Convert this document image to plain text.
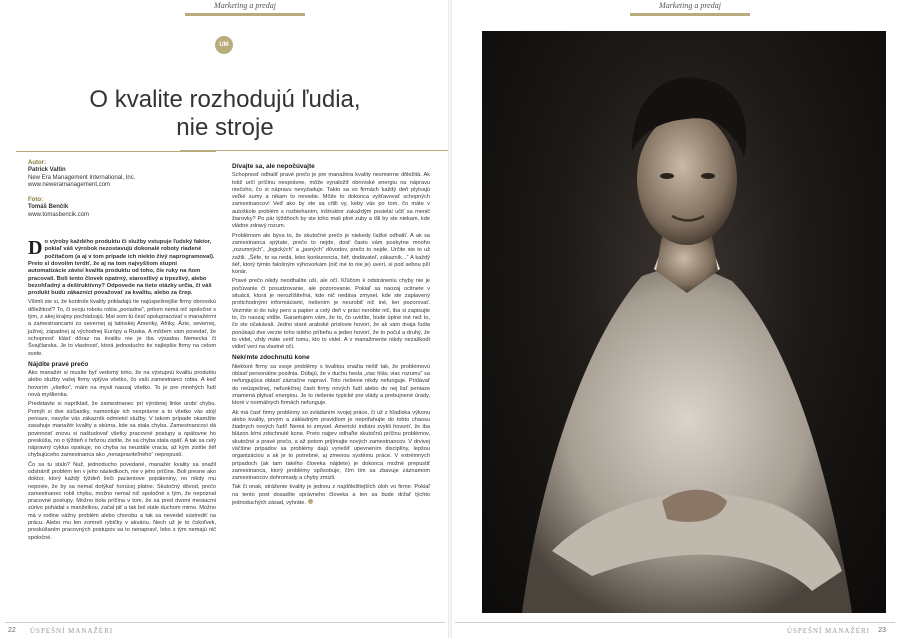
Marketing a predaj
UM
O kvalite rozhodujú ľudia,
nie stroje
Autor:
Patrick Valtin
New Era Management International, Inc.
www.neweramanagement.com
Foto:
Tomáš Benčík
www.tomasbencik.com

Do výroby každého produktu či služby vstupuje ľudský faktor, pokiaľ váš výrobok nezostavujú dokonalé roboty riadené počítačom (a aj v tom prípade ich niekto živý naprogramoval). Preto si dovolím tvrdiť, že aj na tom najvyššom stupni automatizácie závisí kvalita produktu od toho, čie ruky na ňom pracovali. Boli tento človek opatrný, starostlivý a trpezlivý, alebo bezohľadný a deštruktívny? Odpovede na tieto otázky určia, či váš produkt budú zákazníci považovať za kvalitu, alebo za črep.

Všimli ste si, že kontrole kvality prikladajú tie najúspešnejšie firmy obrovskú dôležitosť? To, či svoju robotu robia „poriadne“, pritom nemá nič spoločné s tým, z akej krajiny pochádzajú. Mal som tú česť spolupracovať s manažérmi a zamestnancami zo severnej aj latinskej Ameriky, Afriky, Ázie, severnej, južnej, západnej aj východnej Európy a Ruska. A môžem vám povedať, že schopnosť klásť dôraz na kvalitu nie je iba výsadou Nemecka či Švajčiarska. Je to vlastnosť, ktorá jednoducho tie najlepšie firmy na celom svete.

Nájdite pravé prečo

Ako manažér si musíte byť vedomý toho, že na výstupnú kvalitu produktu alebo služby vašej firmy vplýva všetko, čo vaši zamestnanci robia. A keď hovorím „všetko“, mám na mysli naozaj všetko. To je pre mnohých ľudí nová myšlienka.

Predstavte si napríklad, že zamestnanec pri výrobnej linke urobí chybu. Pomýli si dve súčiastky, namontuje ich nesprávne a to všetko vás stojí peniaze, navyše vás zákazník odmietol služby. V takom prípade okamžite zasahuje manažér kvality a skúma, kde sa stala chyba. Zamestnancovi dá povinnosť znovu si naštudovať všetky pracovné postupy a opätovne ho preskúša, no o týždeň s hrôzou zistíte, že sa chyba stala opäť. A tak sa celý nápravný cyklus opakuje, no chyba sa neustále vracia, až kým zistíte šéf chybujúceho zamestnanca ako „nenapraviteľného“ neprepustí.

Čo sa tu stalo? Nuž, jednoducho povedané, manažér kvality sa snažil odstrániť problém len v jeho následkoch, nie v jeho príčine. Boli presne ako doktor, ktorý každý týždeň lieči pacientove popáleniny, no nikdy mu nepovie, že by sa nemal dotýkať horúcej platne. Skutočný dôvod, prečo zamestnanec robil chybu, možno nemal nič spoločné s tým, že nepoznal pracovné postupy. Možno bola príčina v tom, že sa pred dvomi mesiacmi zúrivo pohádal s manželkou, začal piť a tak bol stále duchom mimo. Možno má v rodine vážny problém alebo chorobu a tak sa nevedel sústrediť na prácu. Alebo mu len zomreli rybičky v akváriu. Nech už je to čokoľvek, preskúšaním pracovných postupov sa to nenapraví, lebo s tým nemajú nič spoločné.

Dívajte sa, ale nepočúvajte

Schopnosť odhaliť pravé prečo je pre manažéra kvality nesmierne dôležitá. Ak totiž určí príčinu nesprávne, môže vynaložiť obrovské energiu na nápravu niečoho, čo si nápravu nevyžaduje. Takto sa vo firmách každý deň plytvajú veľké sumy a nikam to nevedie. Môže to dokonca vyšťavovať schopných zamestnancov! Veď ako by ste sa cítili vy, keby vás po tom, čo máte v autoškole problém s rozbiehaním, inštruktor zakaždým posielal učiť sa menič žiarovky? Po pár týždňoch by ste toho mali plné zuby a išli by ste niekam, kde vládne zdravý rozum.

Problémom ale býva to, že skutočné prečo je niekedy ťažké odhaliť. A ak sa zamestnanca spýtate, prečo to nejde, dosť často vám poskytne mnoho „rozumných“, „logických“ a „jasných“ dôvodov, prečo to nejde. Určite ste to už zažili. „Šéfe, to sa nedá, lebo konkurencia, šéf, dodávateľ, zákazník...“ A každý šéf, ktorý týmto falošným výhovorkám (nič iné to nie je) uverí, si pod sebou pílí konár.

Pravé prečo nikdy neodhalíte uší, ale očí. Kľúčom k odstráneniu chyby nie je počúvanie či posudzovanie, ale pozorovanie. Pokiaľ sa naozaj ocitnete v situácii, ktorá je nerozlíšiteľná, kde nič nedáva zmysel, kde ste zaplavený protichodnými informáciami, riešením je neurobiť nič iné, len pozorovať. Vezmite si do ruky pero a papier a celý deň v práci nerobte nič, iba si zapisujte to, čo naozaj vidíte. Garantujem vám, že to, čo uvidíte, bude úplne iné než to, čo ste očakávali. Jedno staré arabské príslovie hovorí, že ak vám dvaja ľudia ponúkajú dve verzie toho istého príbehu a jeden hovorí, že to počul a druhý, že to videl, vždy máte veriť tomu, kto to videl. A v manažmente nikdy nezaškodí vidieť veci na vlastné oči.

Nekŕmte zdochnutú kone

Niektoré firmy sa svoje problémy s kvalitou snažia riešiť tak, že problémovú oblasť personálne posilnia. Dúfajú, že v duchu hesla „viac hláv, viac rozumu“ sa nefungujúca oblasť zázračne napraví. Toto riešenie nikdy nefunguje. Pridávať do neúspešnej, nefunkčnej časti firmy nových ľudí alebo do nej liať peniaze znamená plytvať energiou. Je to riešenie typické pre vlády a prebujnené úrady, ktoré v normálnych firmách nefunguje.

Ak má časť firmy problémy so zvládaním svojej práce, či už z hľadiska výkonu alebo kvality, prvým a základným pravidlom je nepriťahujte do tohto chaosu žiadnych nových ľudí! Nemá to zmysel. Americkí indiáni zvykli hovoriť, že iba blázon kŕmi zdochnuté kone. Preto najprv odhaľte skutočnú príčinu problémov, skutočné a pravé prečo, a až potom prijímajte nových zamestnancov. V drvivej väčšine prípadov sa problémy dajú vyriešiť upevnením disciplíny, lepšou organizáciou a ak je to potrebné, aj zmenou systému práce. V extrémnych prípadoch (ak tam takého človeka nájdete) je dokonca možné prepustiť zamestnanca, ktorý problémy spôsobuje, čím tím sa zbavuje záznamom zamestnancov dohromady a chyby zmizli.

Tak či onak, stráženie kvality je jednou z najdôležitejších úloh vo firme. Pokiaľ na tento post dosadíte správneho človeka a ten sa bude držať týchto jednoduchých zásad, vyhráte.

Marketing a predaj
22 ÚSPEŠNÍ MANAŽÉRI	ÚSPEŠNÍ MANAŽÉRI 23
